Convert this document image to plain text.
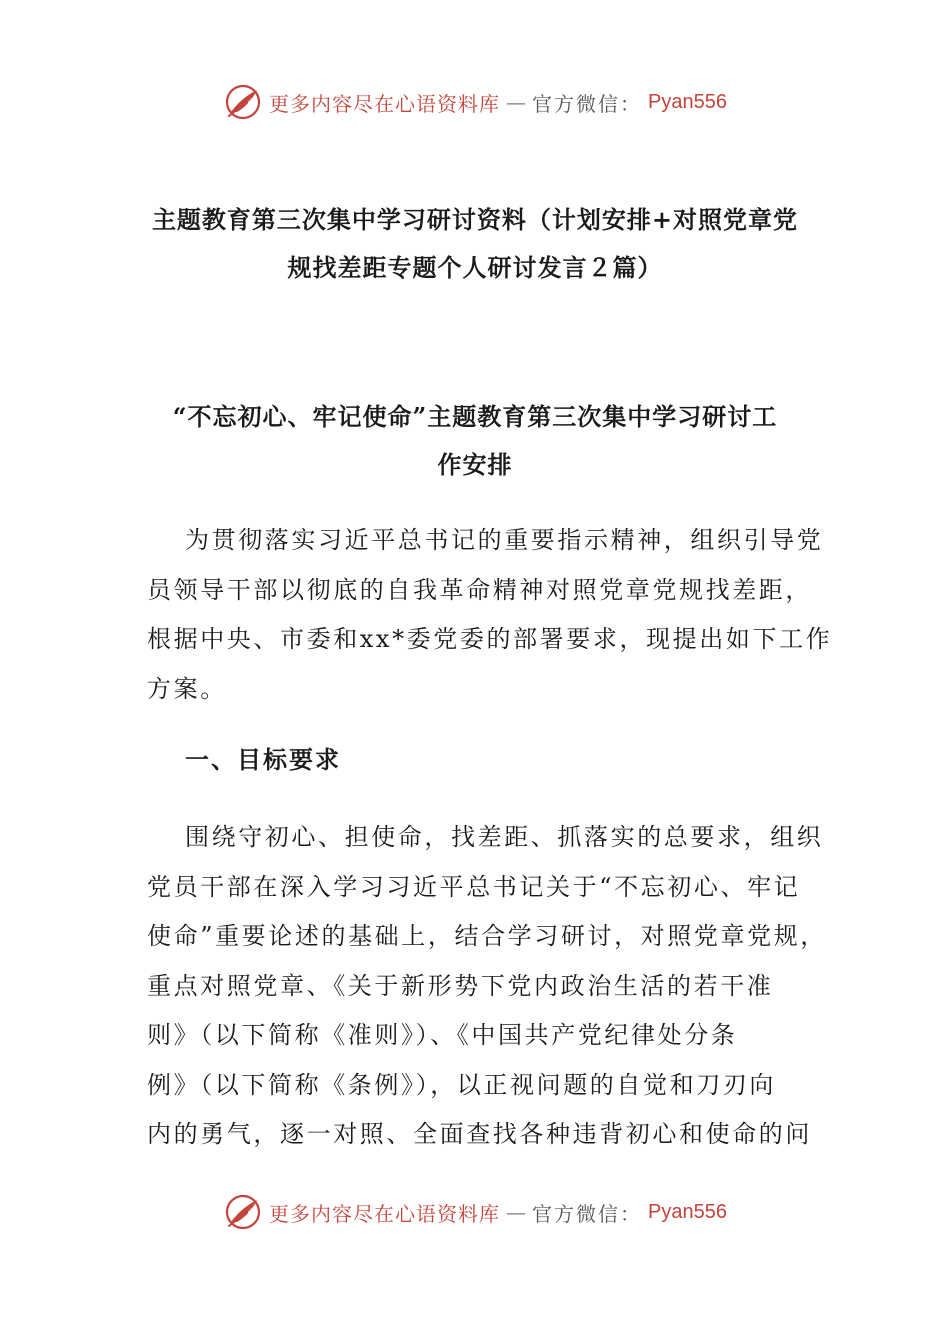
心 更多内容尽在心语资料库 — 官方微信： Pyan556
主题教育第三次集中学习研讨资料（计划安排+对照党章党
规找差距专题个人研讨发言２篇）
“不忘初心、牢记使命”主题教育第三次集中学习研讨工
作安排

为贯彻落实习近平总书记的重要指示精神，组织引导党
员领导干部以彻底的自我革命精神对照党章党规找差距，
根据中央、市委和xx*委党委的部署要求，现提出如下工作
方案。

一、目标要求

围绕守初心、担使命，找差距、抓落实的总要求，组织
党员干部在深入学习习近平总书记关于“不忘初心、牢记
使命”重要论述的基础上，结合学习研讨，对照党章党规，
重点对照党章、《关于新形势下党内政治生活的若干准
则》（以下简称《准则》）、《中国共产党纪律处分条
例》（以下简称《条例》），以正视问题的自觉和刀刃向
内的勇气，逐一对照、全面查找各种违背初心和使命的问

心 更多内容尽在心语资料库 — 官方微信： Pyan556
